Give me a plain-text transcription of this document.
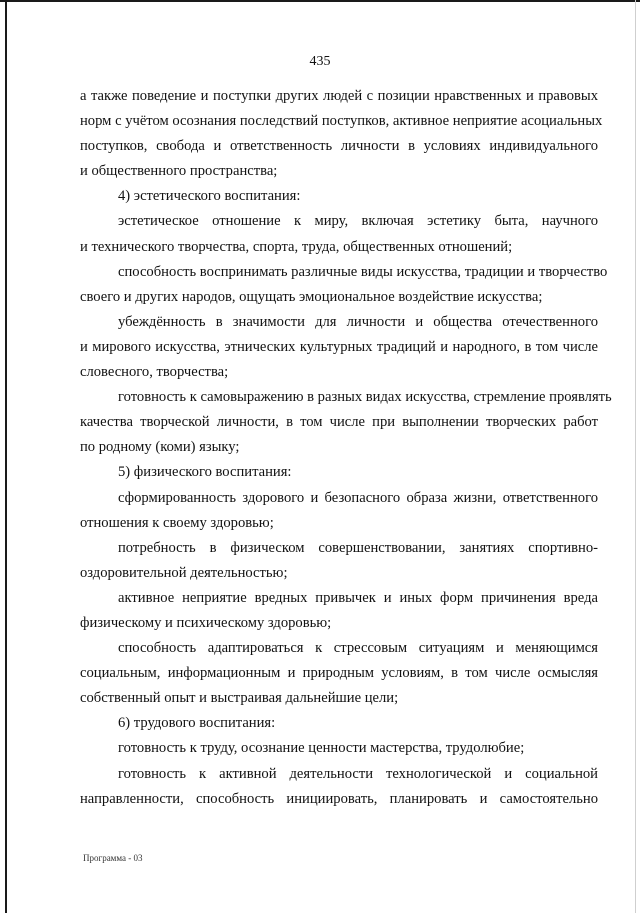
435
а также поведение и поступки других людей с позиции нравственных и правовых
норм с учётом осознания последствий поступков, активное неприятие асоциальных
поступков, свобода и ответственность личности в условиях индивидуального
и общественного пространства;
4) эстетического воспитания:
эстетическое отношение к миру, включая эстетику быта, научного
и технического творчества, спорта, труда, общественных отношений;
способность воспринимать различные виды искусства, традиции и творчество
своего и других народов, ощущать эмоциональное воздействие искусства;
убеждённость в значимости для личности и общества отечественного
и мирового искусства, этнических культурных традиций и народного, в том числе
словесного, творчества;
готовность к самовыражению в разных видах искусства, стремление проявлять
качества творческой личности, в том числе при выполнении творческих работ
по родному (коми) языку;
5) физического воспитания:
сформированность здорового и безопасного образа жизни, ответственного
отношения к своему здоровью;
потребность в физическом совершенствовании, занятиях спортивно-
оздоровительной деятельностью;
активное неприятие вредных привычек и иных форм причинения вреда
физическому и психическому здоровью;
способность адаптироваться к стрессовым ситуациям и меняющимся
социальным, информационным и природным условиям, в том числе осмысляя
собственный опыт и выстраивая дальнейшие цели;
6) трудового воспитания:
готовность к труду, осознание ценности мастерства, трудолюбие;
готовность к активной деятельности технологической и социальной
направленности, способность инициировать, планировать и самостоятельно
Программа - 03
